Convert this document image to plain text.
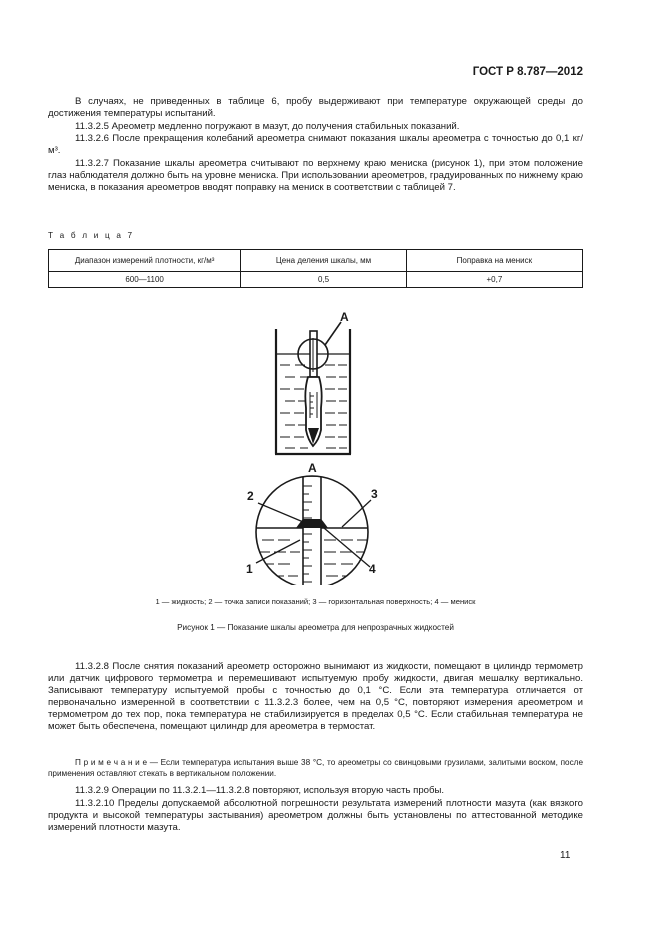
ГОСТ Р 8.787—2012

В случаях, не приведенных в таблице 6, пробу выдерживают при температуре окружающей среды до достижения температуры испытаний.

11.3.2.5 Ареометр медленно погружают в мазут, до получения стабильных показаний.

11.3.2.6 После прекращения колебаний ареометра снимают показания шкалы ареометра с точностью до 0,1 кг/м³.

11.3.2.7 Показание шкалы ареометра считывают по верхнему краю мениска (рисунок 1), при этом положение глаз наблюдателя должно быть на уровне мениска. При использовании ареометров, градуированных по нижнему краю мениска, в показания ареометров вводят поправку на мениск в соответствии с таблицей 7.

Т а б л и ц а 7
Диапазон измерений плотности, кг/м³	Цена деления шкалы, мм	Поправка на мениск
600—1100	0,5	+0,7
А
А
2	3
1	4
1 — жидкость; 2 — точка записи показаний; 3 — горизонтальная поверхность; 4 — мениск
Рисунок 1 — Показание шкалы ареометра для непрозрачных жидкостей

11.3.2.8 После снятия показаний ареометр осторожно вынимают из жидкости, помещают в цилиндр термометр или датчик цифрового термометра и перемешивают испытуемую пробу жидкости, двигая мешалку вертикально. Записывают температуру испытуемой пробы с точностью до 0,1 °C. Если эта температура отличается от первоначально измеренной в соответствии с 11.3.2.3 более, чем на 0,5 °C, повторяют измерения ареометром и термометром до тех пор, пока температура не стабилизируется в пределах 0,5 °C. Если стабильная температура не может быть обеспечена, помещают цилиндр для ареометра в термостат.

П р и м е ч а н и е — Если температура испытания выше 38 °C, то ареометры со свинцовыми грузилами, залитыми воском, после применения оставляют стекать в вертикальном положении.

11.3.2.9 Операции по 11.3.2.1—11.3.2.8 повторяют, используя вторую часть пробы.

11.3.2.10 Пределы допускаемой абсолютной погрешности результата измерений плотности мазута (как вязкого продукта и высокой температуры застывания) ареометром должны быть установлены по аттестованной методике измерений плотности мазута.

11
